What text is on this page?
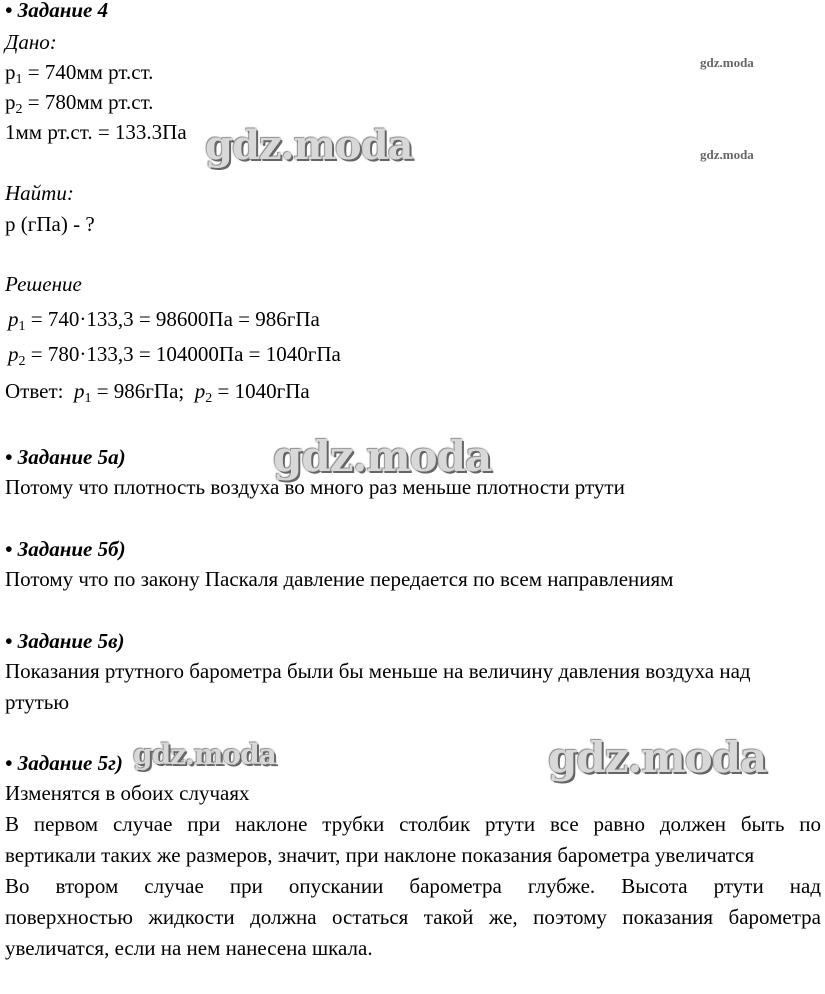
gdz.moda
gdz.moda
gdz.moda
gdz.moda
gdz.moda	gdz.moda
• Задание 4
Дано:
$p_1 = 740мм$ рт.ст.
$p_2 = 780мм$ рт.ст.
1мм рт.ст. = 133.3Па
Найти:
р (гПа) - ?
Решение
$p_1 = 740\cdot 133,3 = 98600Па = 986гПа$
$p_2 = 780\cdot 133,3 = 104000Па = 1040гПа$
Ответ: $p_1 = 986гПа$; $p_2 = 1040гПа$
• Задание 5а)
Потому что плотность воздуха во много раз меньше плотности ртути
• Задание 5б)
Потому что по закону Паскаля давление передается по всем направлениям
• Задание 5в)
Показания ртутного барометра были бы меньше на величину давления воздуха над
ртутью
• Задание 5г)
Изменятся в обоих случаях
В первом случае при наклоне трубки столбик ртути все равно должен быть по
вертикали таких же размеров, значит, при наклоне показания барометра увеличатся
Во втором случае при опускании барометра глубже. Высота ртути над
поверхностью жидкости должна остаться такой же, поэтому показания барометра
увеличатся, если на нем нанесена шкала.
